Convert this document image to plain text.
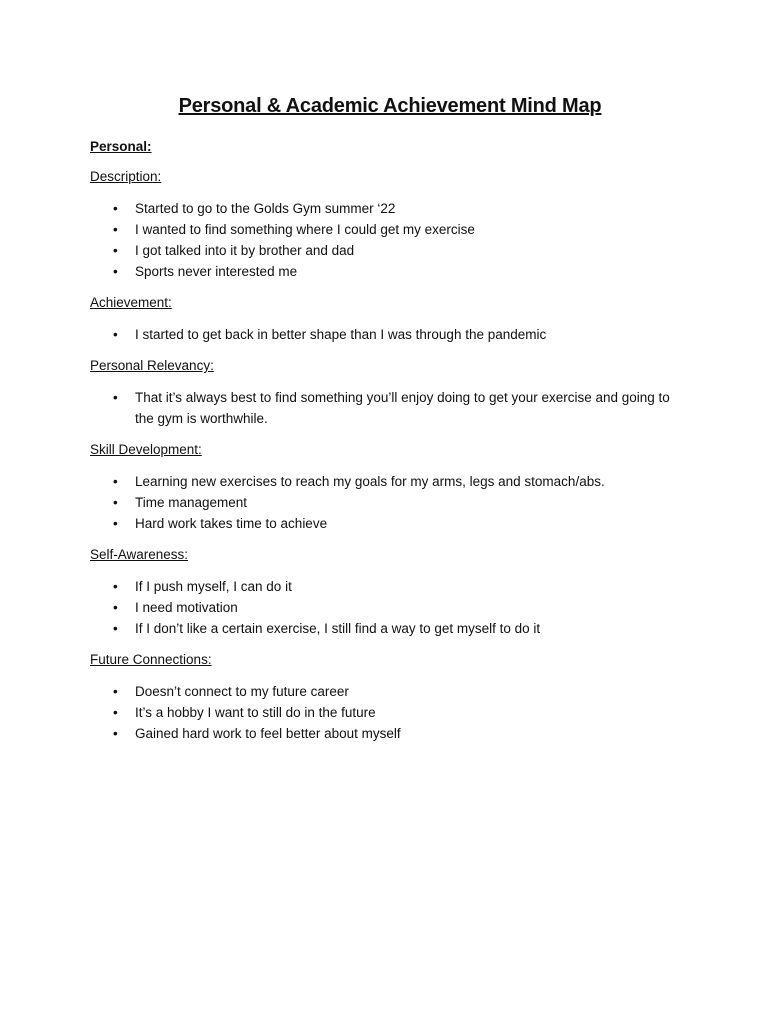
Personal & Academic Achievement Mind Map
Personal:
Description:
• Started to go to the Golds Gym summer ‘22
• I wanted to find something where I could get my exercise
• I got talked into it by brother and dad
• Sports never interested me
Achievement:
• I started to get back in better shape than I was through the pandemic
Personal Relevancy:
• That it’s always best to find something you’ll enjoy doing to get your exercise and going to the gym is worthwhile.
Skill Development:
• Learning new exercises to reach my goals for my arms, legs and stomach/abs.
• Time management
• Hard work takes time to achieve
Self-Awareness:
• If I push myself, I can do it
• I need motivation
• If I don’t like a certain exercise, I still find a way to get myself to do it
Future Connections:
• Doesn’t connect to my future career
• It’s a hobby I want to still do in the future
• Gained hard work to feel better about myself
